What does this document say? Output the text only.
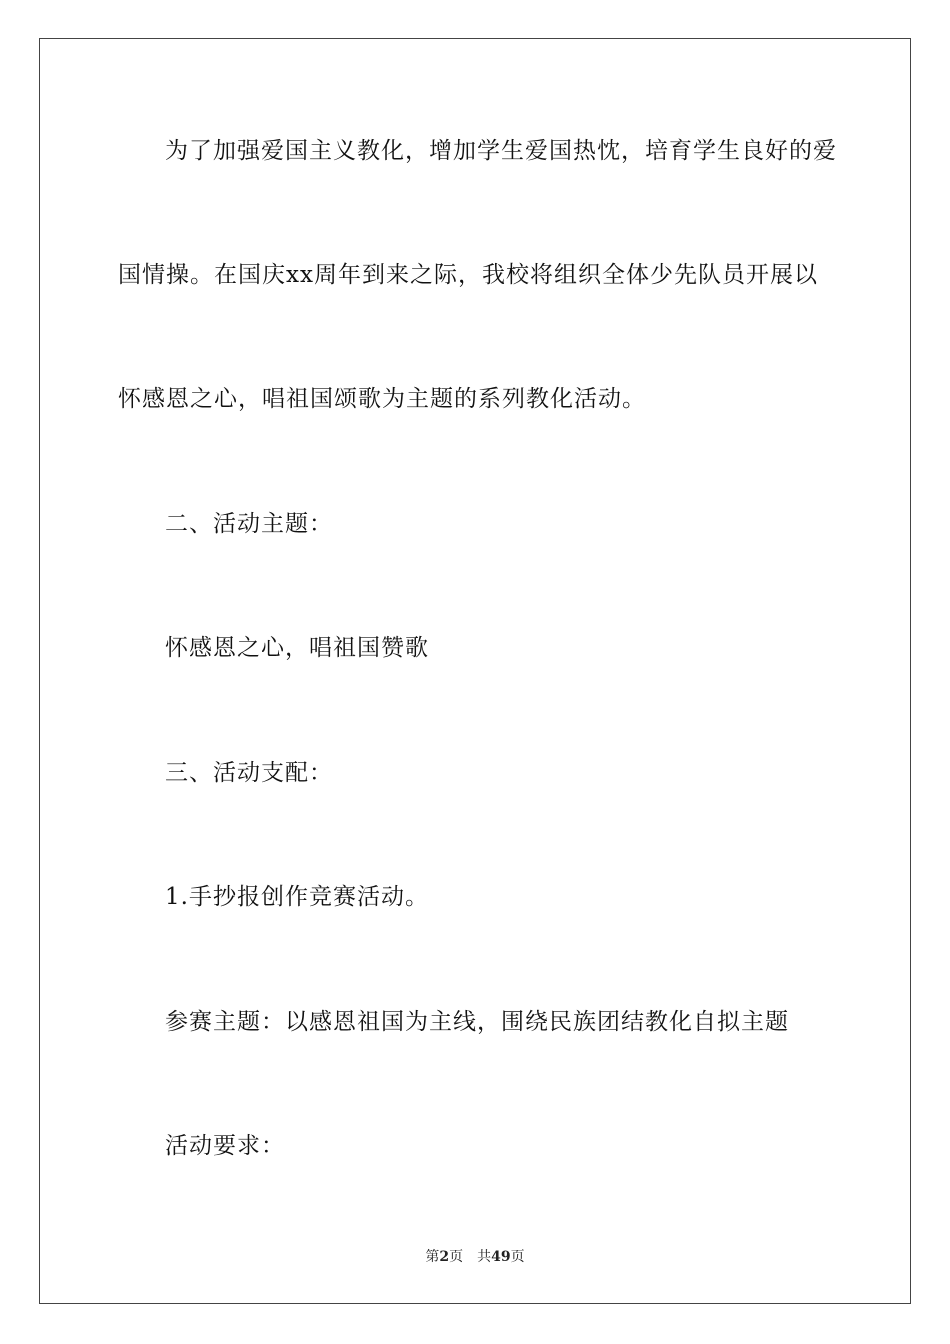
为了加强爱国主义教化，增加学生爱国热忱，培育学生良好的爱
国情操。在国庆xx周年到来之际，我校将组织全体少先队员开展以
怀感恩之心，唱祖国颂歌为主题的系列教化活动。
二、活动主题：
怀感恩之心，唱祖国赞歌
三、活动支配：
1.手抄报创作竞赛活动。
参赛主题：以感恩祖国为主线，围绕民族团结教化自拟主题
活动要求：
第2页 共49页
